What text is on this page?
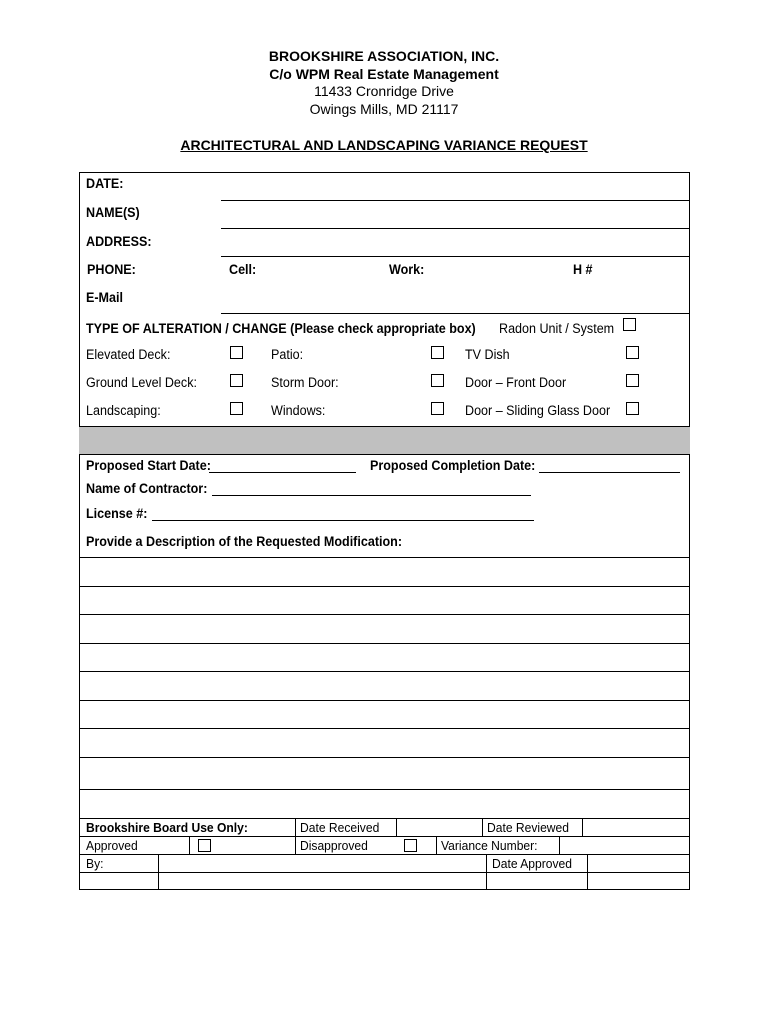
BROOKSHIRE ASSOCIATION, INC.
C/o WPM Real Estate Management
11433 Cronridge Drive
Owings Mills, MD 21117
ARCHITECTURAL AND LANDSCAPING VARIANCE REQUEST
DATE:
NAME(S)
ADDRESS:
PHONE:	Cell:	Work:	H #
E-Mail
TYPE OF ALTERATION / CHANGE (Please check appropriate box) Radon Unit / System
Elevated Deck:	Patio:	TV Dish
Ground Level Deck:	Storm Door:	Door – Front Door
Landscaping:	Windows:	Door – Sliding Glass Door
Proposed Start Date:	Proposed Completion Date:
Name of Contractor:
License #:
Provide a Description of the Requested Modification:
Brookshire Board Use Only:	Date Received	Date Reviewed
Approved	Disapproved	Variance Number:
By:	Date Approved
